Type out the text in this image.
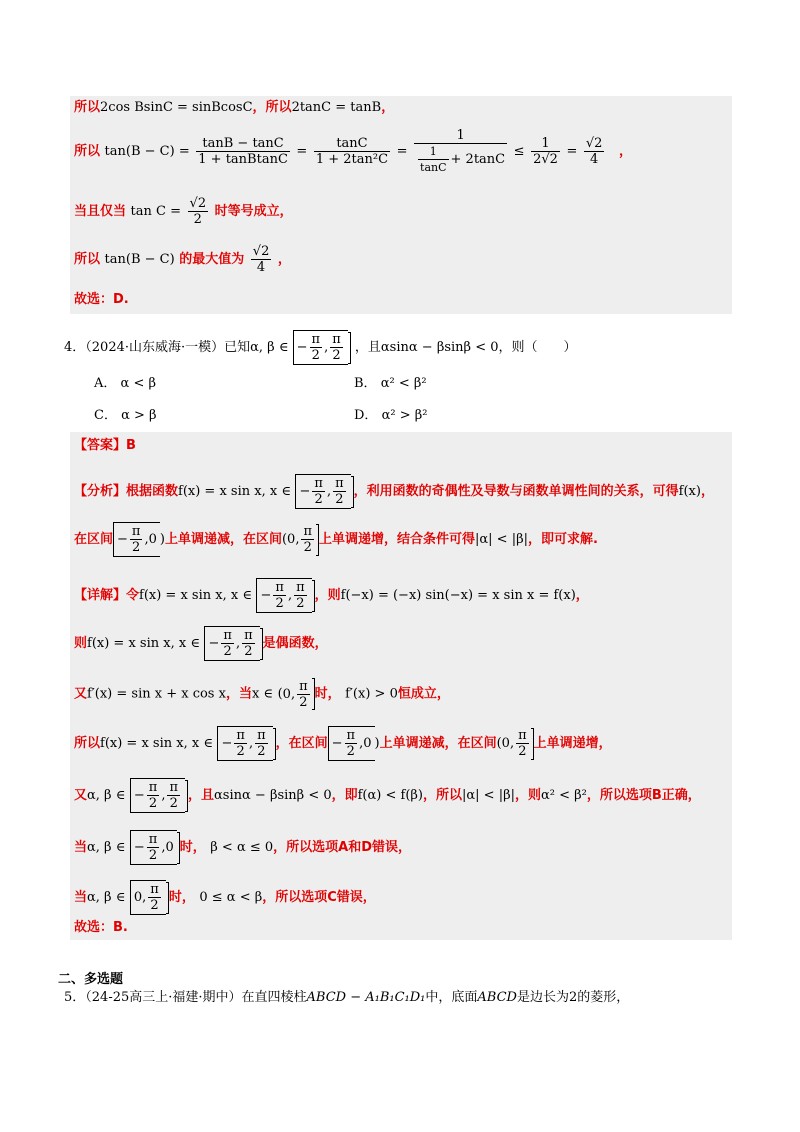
所以2cos BsinC = sinBcosC，所以2tanC = tanB，
所以 $\tan(B - C) = \frac{\tan B - \tan C}{\text{1 + tanBtanC}} = \frac{\tan C}{\text{1 + 2tan²C}} = \frac{1}{\frac{1}{\tan C} + 2\tan C} \le \frac{1}{2√2} = \frac{√2}{4}$ ，
当且仅当 $\tan C = \frac{√2}{2}$ 时等号成立，
所以 tan(B − C) 的最大值为 $\frac{√2}{4}$ ，
故选：D.
4．（2024·山东威海·一模）已知α, β ∈ − $\frac{\pi}{2}$ , $\frac{\pi}{2}$ ，且αsinα − βsinβ < 0，则（　　）
A． α < β	B． α² < β²
C． α > β	D． α² > β²
【答案】B
【分析】根据函数f(x) = x sin x, x ∈ − $\frac{\pi}{2}$ , $\frac{\pi}{2}$ ，利用函数的奇偶性及导数与函数单调性间的关系，可得f(x)，
在区间 − $\frac{\pi}{2} ,0$ )上单调递减，在区间(0, $\frac{\pi}{2}$ 上单调递增，结合条件可得|α| < |β|，即可求解.
【详解】令f(x) = x sin x, x ∈ − $\frac{\pi}{2}$ , $\frac{\pi}{2}$ ，则f(−x) = (−x) sin(−x) = x sin x = f(x)，
则f(x) = x sin x, x ∈ − $\frac{\pi}{2}$ , $\frac{\pi}{2}$ 是偶函数，
又f′(x) = sin x + x cos x，当x ∈ (0, $\frac{\pi}{2}$ 时， f′(x) > 0恒成立，
所以f(x) = x sin x, x ∈ − $\frac{\pi}{2}$ , $\frac{\pi}{2}$ ，在区间 − $\frac{\pi}{2} ,0$ )上单调递减，在区间(0, $\frac{\pi}{2}$ 上单调递增，
又α, β ∈ − $\frac{\pi}{2}$ , $\frac{\pi}{2}$ ，且αsinα − βsinβ < 0，即f(α) < f(β)，所以|α| < |β|，则α² < β²，所以选项B正确，
当α, β ∈ − $\frac{\pi}{2} ,0$ 时， β < α ≤ 0，所以选项A和D错误，
当α, β ∈ 0, $\frac{\pi}{2}$ 时， 0 ≤ α < β，所以选项C错误，
故选：B.
二、多选题
5．（24-25高三上·福建·期中）在直四棱柱ABCD − A₁B₁C₁D₁中，底面ABCD是边长为2的菱形，
